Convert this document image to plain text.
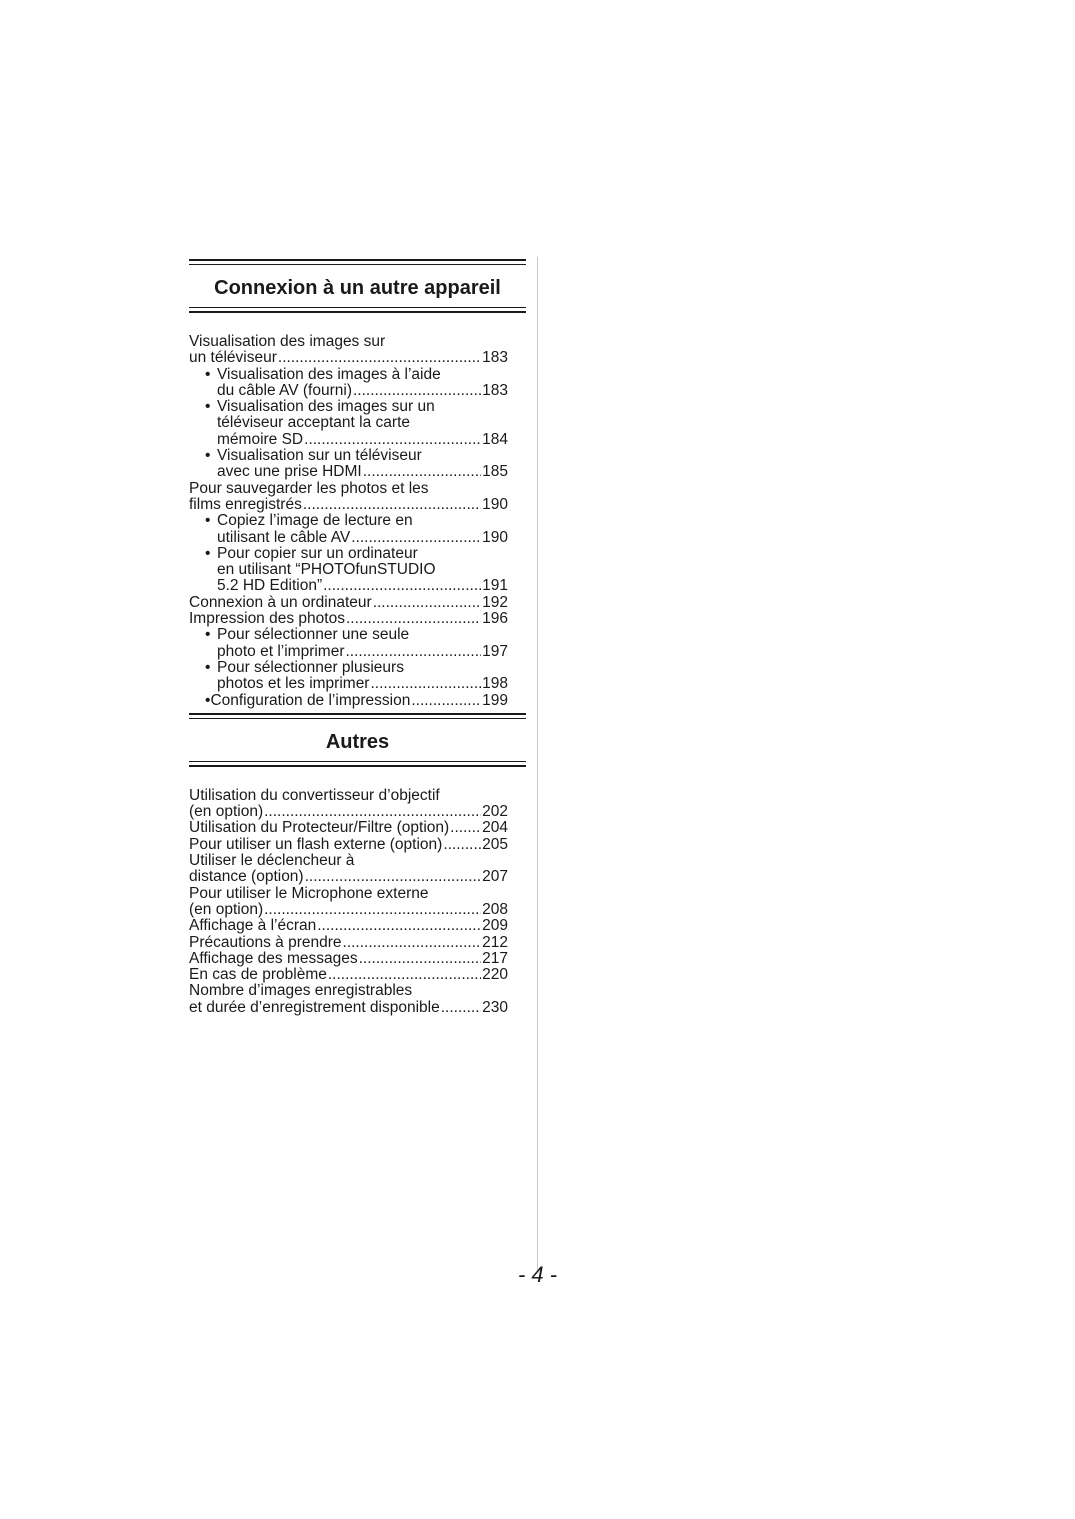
Connexion à un autre appareil
Visualisation des images sur
un téléviseur .....	183
• Visualisation des images à l’aide
du câble AV (fourni) .....	183
• Visualisation des images sur un
téléviseur acceptant la carte
mémoire SD .....	184
• Visualisation sur un téléviseur
avec une prise HDMI .....	185
Pour sauvegarder les photos et les
films enregistrés .....	190
• Copiez l’image de lecture en
utilisant le câble AV .....	190
• Pour copier sur un ordinateur
en utilisant “PHOTOfunSTUDIO
5.2 HD Edition” .....	191
Connexion à un ordinateur .....	192
Impression des photos .....	196
• Pour sélectionner une seule
photo et l’imprimer .....	197
• Pour sélectionner plusieurs
photos et les imprimer .....	198
• Configuration de l’impression .....	199
Autres
Utilisation du convertisseur d’objectif
(en option) .....	202
Utilisation du Protecteur/Filtre (option) ..... 204
Pour utiliser un flash externe (option) .....	205
Utiliser le déclencheur à
distance (option) .....	207
Pour utiliser le Microphone externe
(en option) .....	208
Affichage à l’écran .....	209
Précautions à prendre .....	212
Affichage des messages .....	217
En cas de problème .....	220
Nombre d’images enregistrables
et durée d’enregistrement disponible .....	230
- 4 -
